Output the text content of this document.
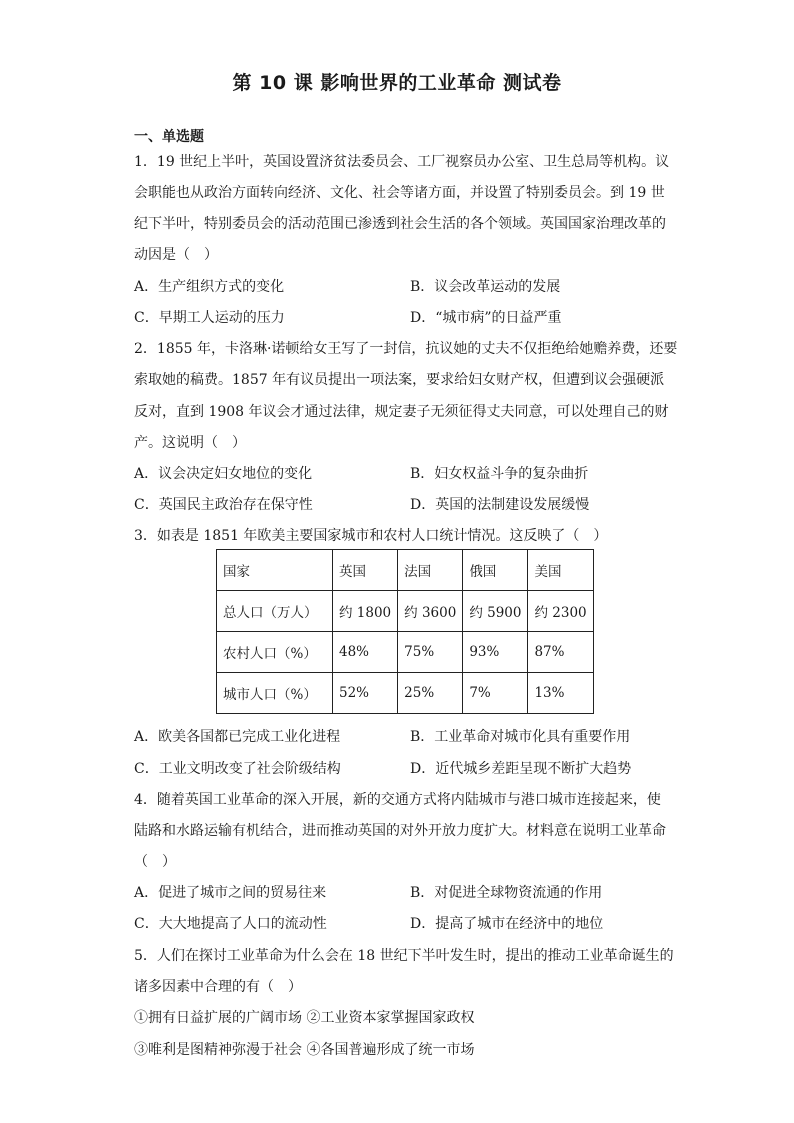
第 10 课 影响世界的工业革命 测试卷
一、单选题
1．19 世纪上半叶，英国设置济贫法委员会、工厂视察员办公室、卫生总局等机构。议
会职能也从政治方面转向经济、文化、社会等诸方面，并设置了特别委员会。到 19 世
纪下半叶，特别委员会的活动范围已渗透到社会生活的各个领域。英国国家治理改革的
动因是（　）
A．生产组织方式的变化	B．议会改革运动的发展
C．早期工人运动的压力	D．“城市病”的日益严重
2．1855 年，卡洛琳·诺顿给女王写了一封信，抗议她的丈夫不仅拒绝给她赡养费，还要
索取她的稿费。1857 年有议员提出一项法案，要求给妇女财产权，但遭到议会强硬派
反对，直到 1908 年议会才通过法律，规定妻子无须征得丈夫同意，可以处理自己的财
产。这说明（　）
A．议会决定妇女地位的变化	B．妇女权益斗争的复杂曲折
C．英国民主政治存在保守性	D．英国的法制建设发展缓慢
3．如表是 1851 年欧美主要国家城市和农村人口统计情况。这反映了（　）
国家	英国	法国	俄国	美国
总人口（万人）	约 1800	约 3600	约 5900	约 2300
农村人口（%）	48%	75%	93%	87%
城市人口（%）	52%	25%	7%	13%
A．欧美各国都已完成工业化进程	B．工业革命对城市化具有重要作用
C．工业文明改变了社会阶级结构	D．近代城乡差距呈现不断扩大趋势
4．随着英国工业革命的深入开展，新的交通方式将内陆城市与港口城市连接起来，使
陆路和水路运输有机结合，进而推动英国的对外开放力度扩大。材料意在说明工业革命
（　）
A．促进了城市之间的贸易往来	B．对促进全球物资流通的作用
C．大大地提高了人口的流动性	D．提高了城市在经济中的地位
5．人们在探讨工业革命为什么会在 18 世纪下半叶发生时，提出的推动工业革命诞生的
诸多因素中合理的有（　）
①拥有日益扩展的广阔市场 ②工业资本家掌握国家政权
③唯利是图精神弥漫于社会 ④各国普遍形成了统一市场
